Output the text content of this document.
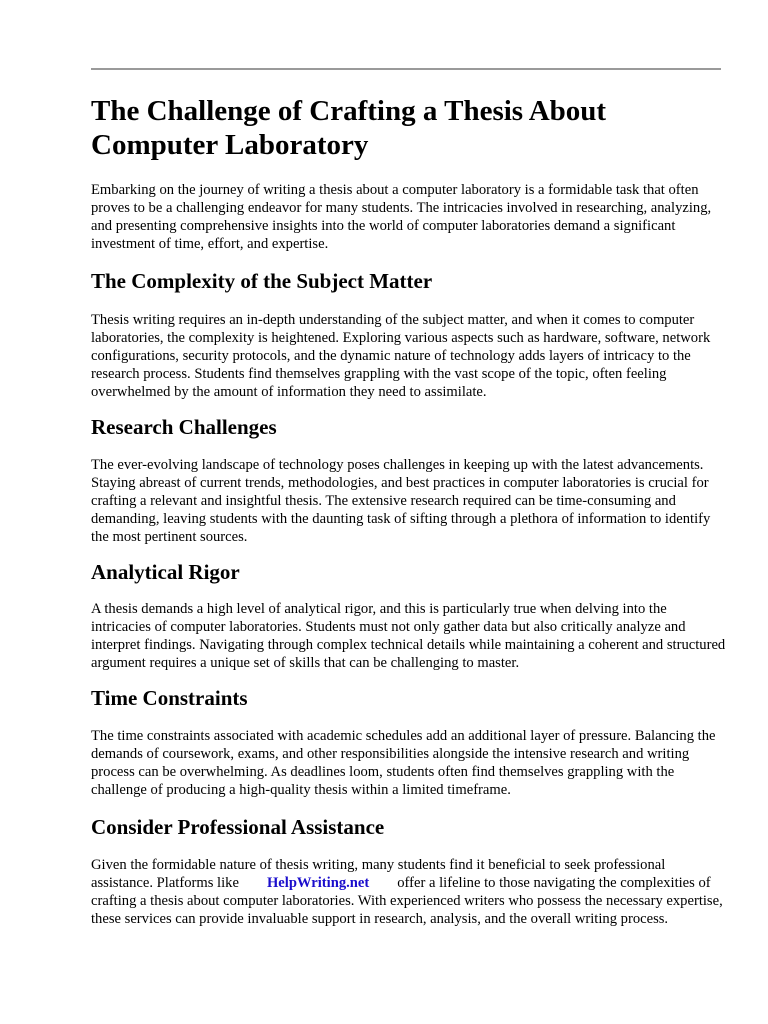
The Challenge of Crafting a Thesis About Computer Laboratory

Embarking on the journey of writing a thesis about a computer laboratory is a formidable task that often proves to be a challenging endeavor for many students. The intricacies involved in researching, analyzing, and presenting comprehensive insights into the world of computer laboratories demand a significant investment of time, effort, and expertise.

The Complexity of the Subject Matter

Thesis writing requires an in-depth understanding of the subject matter, and when it comes to computer laboratories, the complexity is heightened. Exploring various aspects such as hardware, software, network configurations, security protocols, and the dynamic nature of technology adds layers of intricacy to the research process. Students find themselves grappling with the vast scope of the topic, often feeling overwhelmed by the amount of information they need to assimilate.

Research Challenges

The ever-evolving landscape of technology poses challenges in keeping up with the latest advancements. Staying abreast of current trends, methodologies, and best practices in computer laboratories is crucial for crafting a relevant and insightful thesis. The extensive research required can be time-consuming and demanding, leaving students with the daunting task of sifting through a plethora of information to identify the most pertinent sources.

Analytical Rigor

A thesis demands a high level of analytical rigor, and this is particularly true when delving into the intricacies of computer laboratories. Students must not only gather data but also critically analyze and interpret findings. Navigating through complex technical details while maintaining a coherent and structured argument requires a unique set of skills that can be challenging to master.

Time Constraints

The time constraints associated with academic schedules add an additional layer of pressure. Balancing the demands of coursework, exams, and other responsibilities alongside the intensive research and writing process can be overwhelming. As deadlines loom, students often find themselves grappling with the challenge of producing a high-quality thesis within a limited timeframe.

Consider Professional Assistance

Given the formidable nature of thesis writing, many students find it beneficial to seek professional assistance. Platforms like HelpWriting.net offer a lifeline to those navigating the complexities of crafting a thesis about computer laboratories. With experienced writers who possess the necessary expertise, these services can provide invaluable support in research, analysis, and the overall writing process.
